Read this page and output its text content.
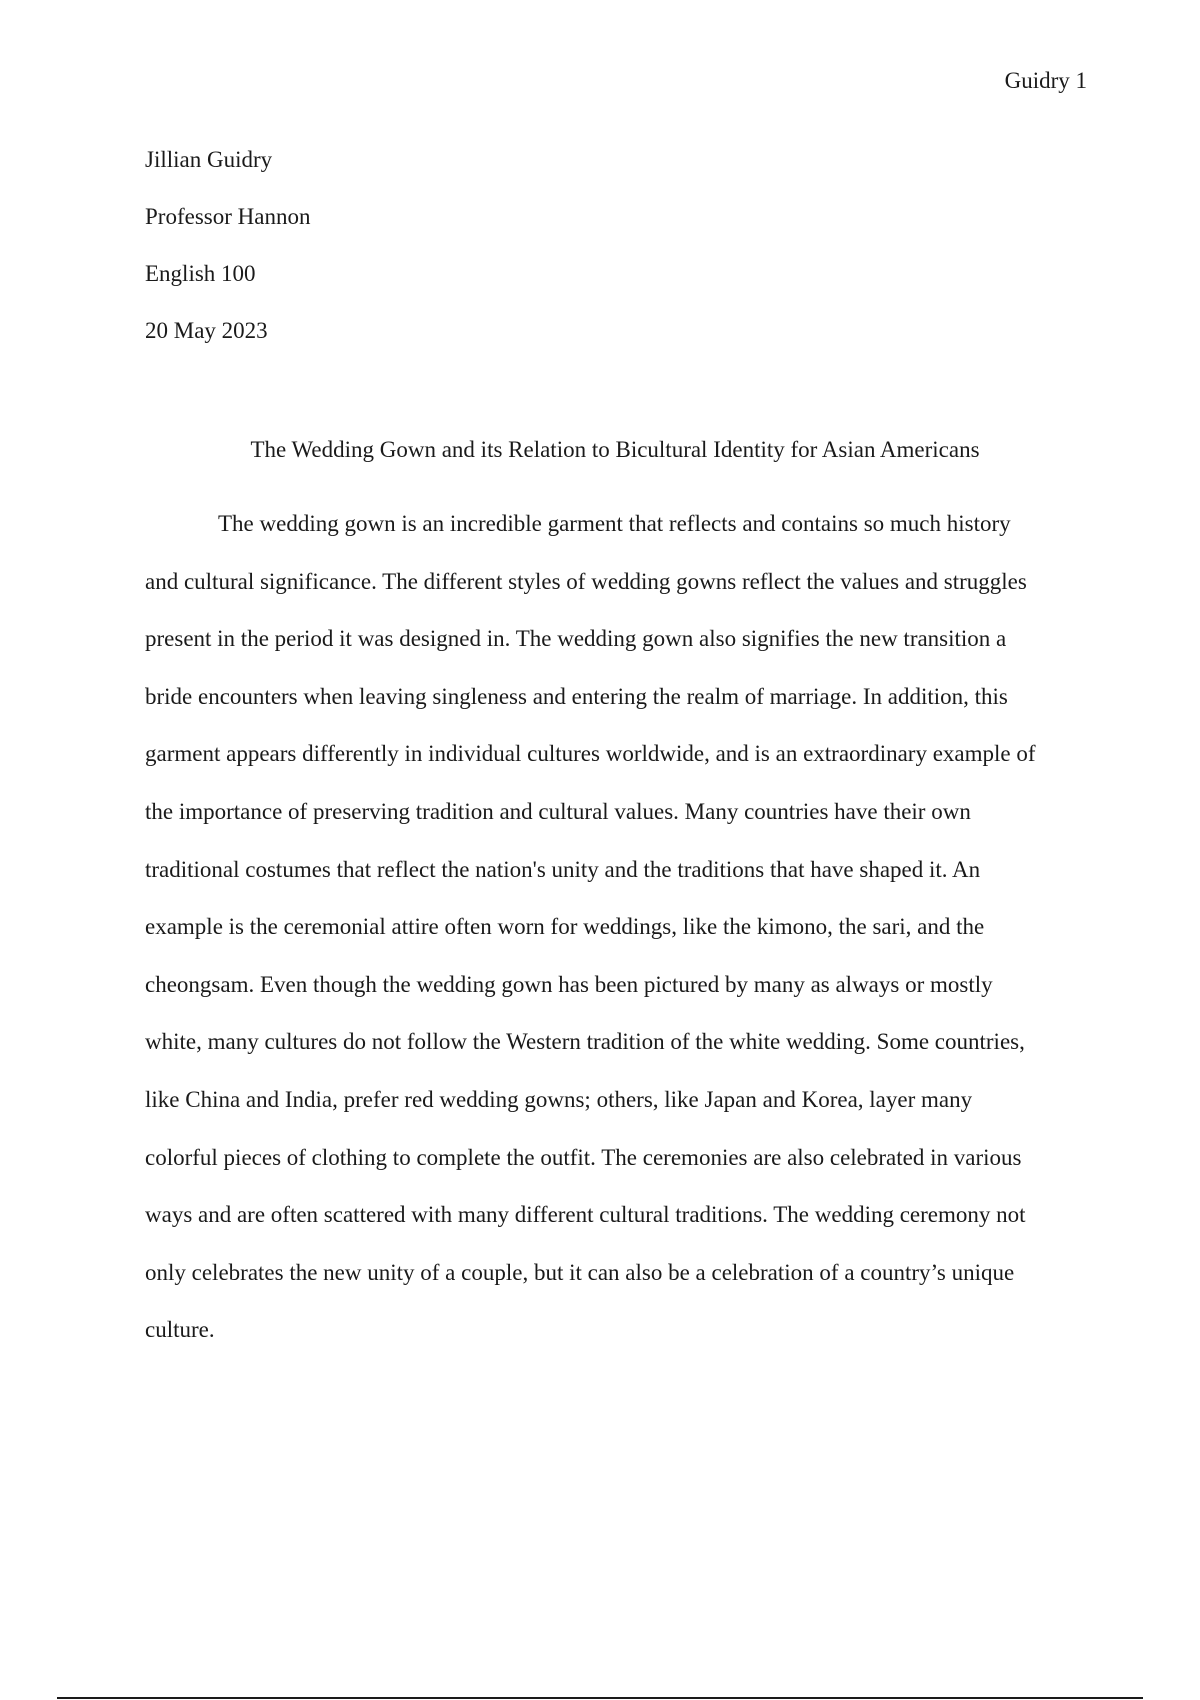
Guidry 1
Jillian Guidry
Professor Hannon
English 100
20 May 2023
The Wedding Gown and its Relation to Bicultural Identity for Asian Americans
The wedding gown is an incredible garment that reflects and contains so much history
and cultural significance. The different styles of wedding gowns reflect the values and struggles
present in the period it was designed in. The wedding gown also signifies the new transition a
bride encounters when leaving singleness and entering the realm of marriage. In addition, this
garment appears differently in individual cultures worldwide, and is an extraordinary example of
the importance of preserving tradition and cultural values. Many countries have their own
traditional costumes that reflect the nation's unity and the traditions that have shaped it. An
example is the ceremonial attire often worn for weddings, like the kimono, the sari, and the
cheongsam. Even though the wedding gown has been pictured by many as always or mostly
white, many cultures do not follow the Western tradition of the white wedding. Some countries,
like China and India, prefer red wedding gowns; others, like Japan and Korea, layer many
colorful pieces of clothing to complete the outfit. The ceremonies are also celebrated in various
ways and are often scattered with many different cultural traditions. The wedding ceremony not
only celebrates the new unity of a couple, but it can also be a celebration of a country’s unique
culture.
